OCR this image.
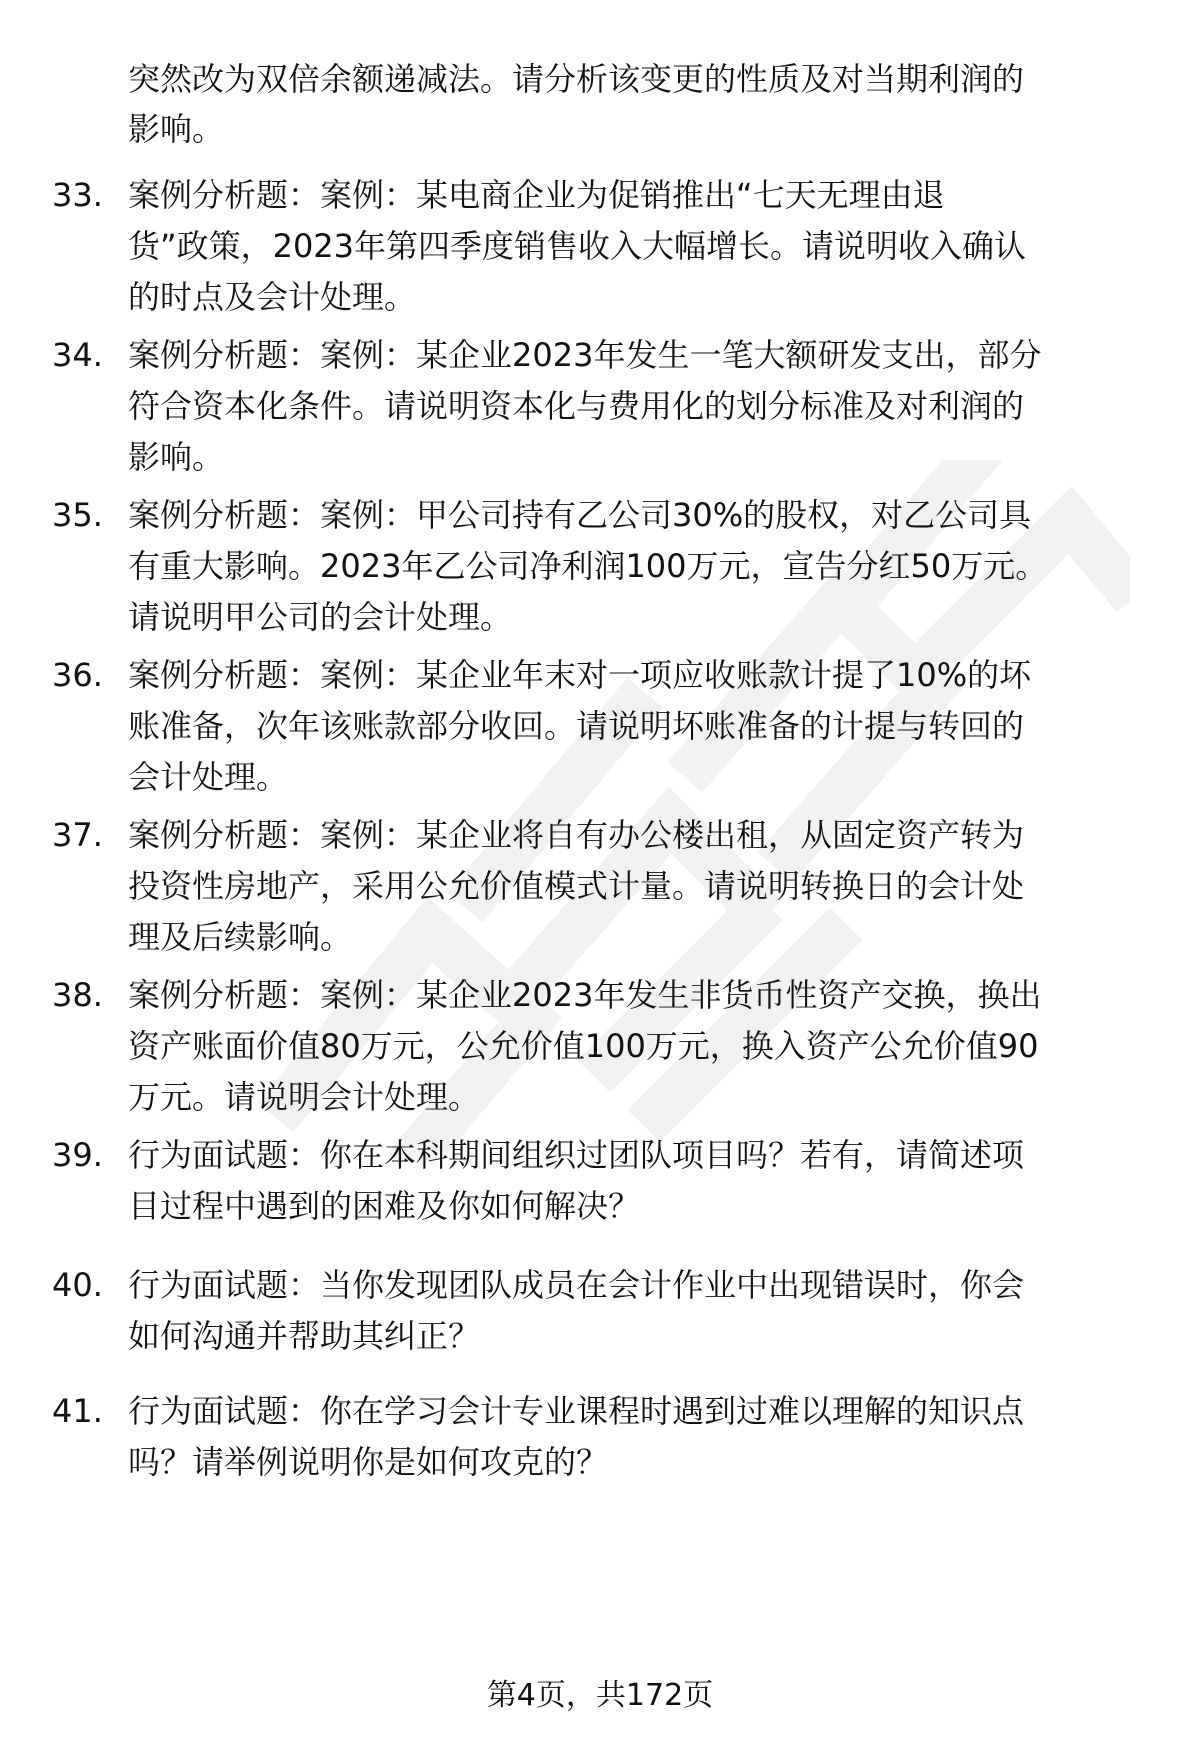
突然改为双倍余额递减法。请分析该变更的性质及对当期利润的
影响。
33. 案例分析题：案例：某电商企业为促销推出“七天无理由退
货”政策，2023年第四季度销售收入大幅增长。请说明收入确认
的时点及会计处理。
34. 案例分析题：案例：某企业2023年发生一笔大额研发支出，部分
符合资本化条件。请说明资本化与费用化的划分标准及对利润的
影响。
35. 案例分析题：案例：甲公司持有乙公司30%的股权，对乙公司具
有重大影响。2023年乙公司净利润100万元，宣告分红50万元。
请说明甲公司的会计处理。
36. 案例分析题：案例：某企业年末对一项应收账款计提了10%的坏
账准备，次年该账款部分收回。请说明坏账准备的计提与转回的
会计处理。
37. 案例分析题：案例：某企业将自有办公楼出租，从固定资产转为
投资性房地产，采用公允价值模式计量。请说明转换日的会计处
理及后续影响。
38. 案例分析题：案例：某企业2023年发生非货币性资产交换，换出
资产账面价值80万元，公允价值100万元，换入资产公允价值90
万元。请说明会计处理。
39. 行为面试题：你在本科期间组织过团队项目吗？若有，请简述项
目过程中遇到的困难及你如何解决？
40. 行为面试题：当你发现团队成员在会计作业中出现错误时，你会
如何沟通并帮助其纠正？
41. 行为面试题：你在学习会计专业课程时遇到过难以理解的知识点
吗？请举例说明你是如何攻克的？
第4页，共172页
